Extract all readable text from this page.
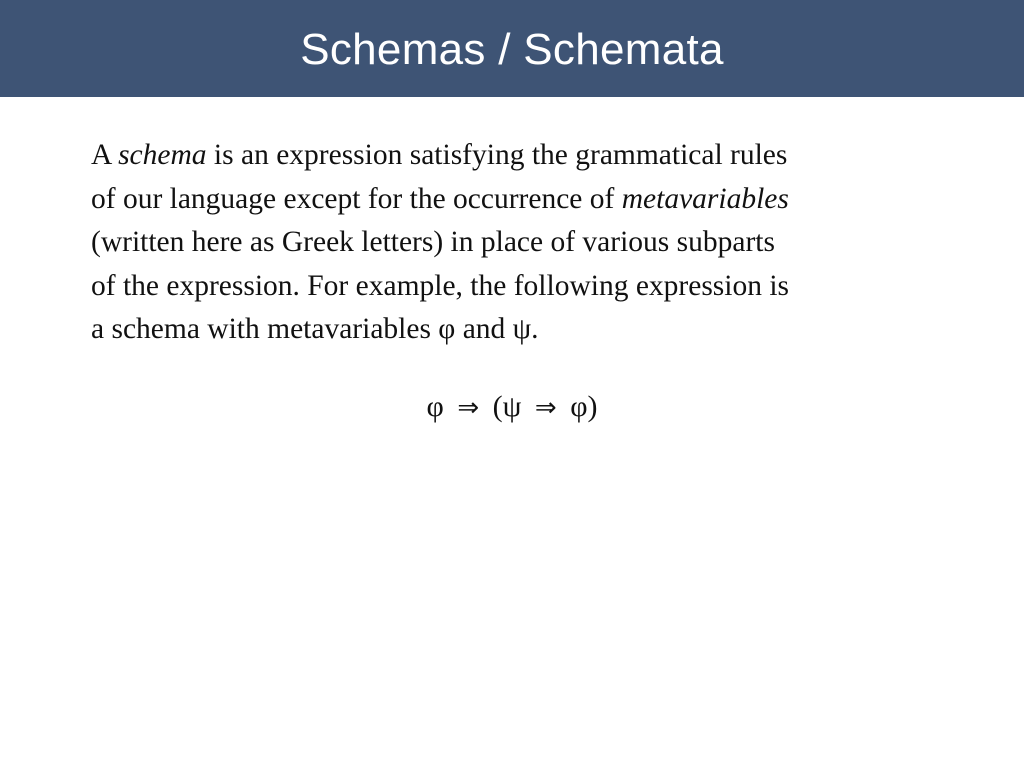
Schemas / Schemata

A schema is an expression satisfying the grammatical rules
of our language except for the occurrence of metavariables
(written here as Greek letters) in place of various subparts
of the expression. For example, the following expression is
a schema with metavariables φ and ψ.

φ ⇒ (ψ ⇒ φ)
